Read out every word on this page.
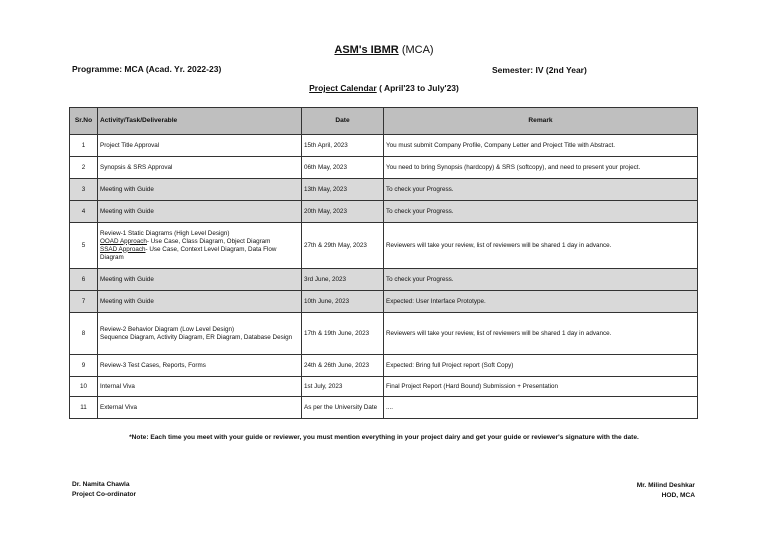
ASM's IBMR (MCA)
Programme: MCA (Acad. Yr. 2022-23)	Semester: IV (2nd Year)
Project Calendar ( April'23 to July'23)
Sr.No	Activity/Task/Deliverable	Date	Remark
1	Project Title Approval	15th April, 2023	You must submit Company Profile, Company Letter and Project Title with Abstract.
2	Synopsis & SRS Approval	06th May, 2023	You need to bring Synopsis (hardcopy) & SRS (softcopy), and need to present your project.
3	Meeting with Guide	13th May, 2023	To check your Progress.
4	Meeting with Guide	20th May, 2023	To check your Progress.
5	Review-1 Static Diagrams (High Level Design)
OOAD Approach- Use Case, Class Diagram, Object Diagram
SSAD Approach- Use Case, Context Level Diagram, Data Flow Diagram	27th & 29th May, 2023	Reviewers will take your review, list of reviewers will be shared 1 day in advance.
6	Meeting with Guide	3rd June, 2023	To check your Progress.
7	Meeting with Guide	10th June, 2023	Expected: User Interface Prototype.
8	Review-2 Behavior Diagram (Low Level Design)
Sequence Diagram, Activity Diagram, ER Diagram, Database Design	17th & 19th June, 2023	Reviewers will take your review, list of reviewers will be shared 1 day in advance.
9	Review-3 Test Cases, Reports, Forms	24th & 26th June, 2023	Expected: Bring full Project report (Soft Copy)
10	Internal Viva	1st July, 2023	Final Project Report (Hard Bound) Submission + Presentation
11	External Viva	As per the University Date	....
*Note: Each time you meet with your guide or reviewer, you must mention everything in your project dairy and get your guide or reviewer's signature with the date.
Dr. Namita Chawla
Project Co-ordinator
Mr. Milind Deshkar
HOD, MCA
